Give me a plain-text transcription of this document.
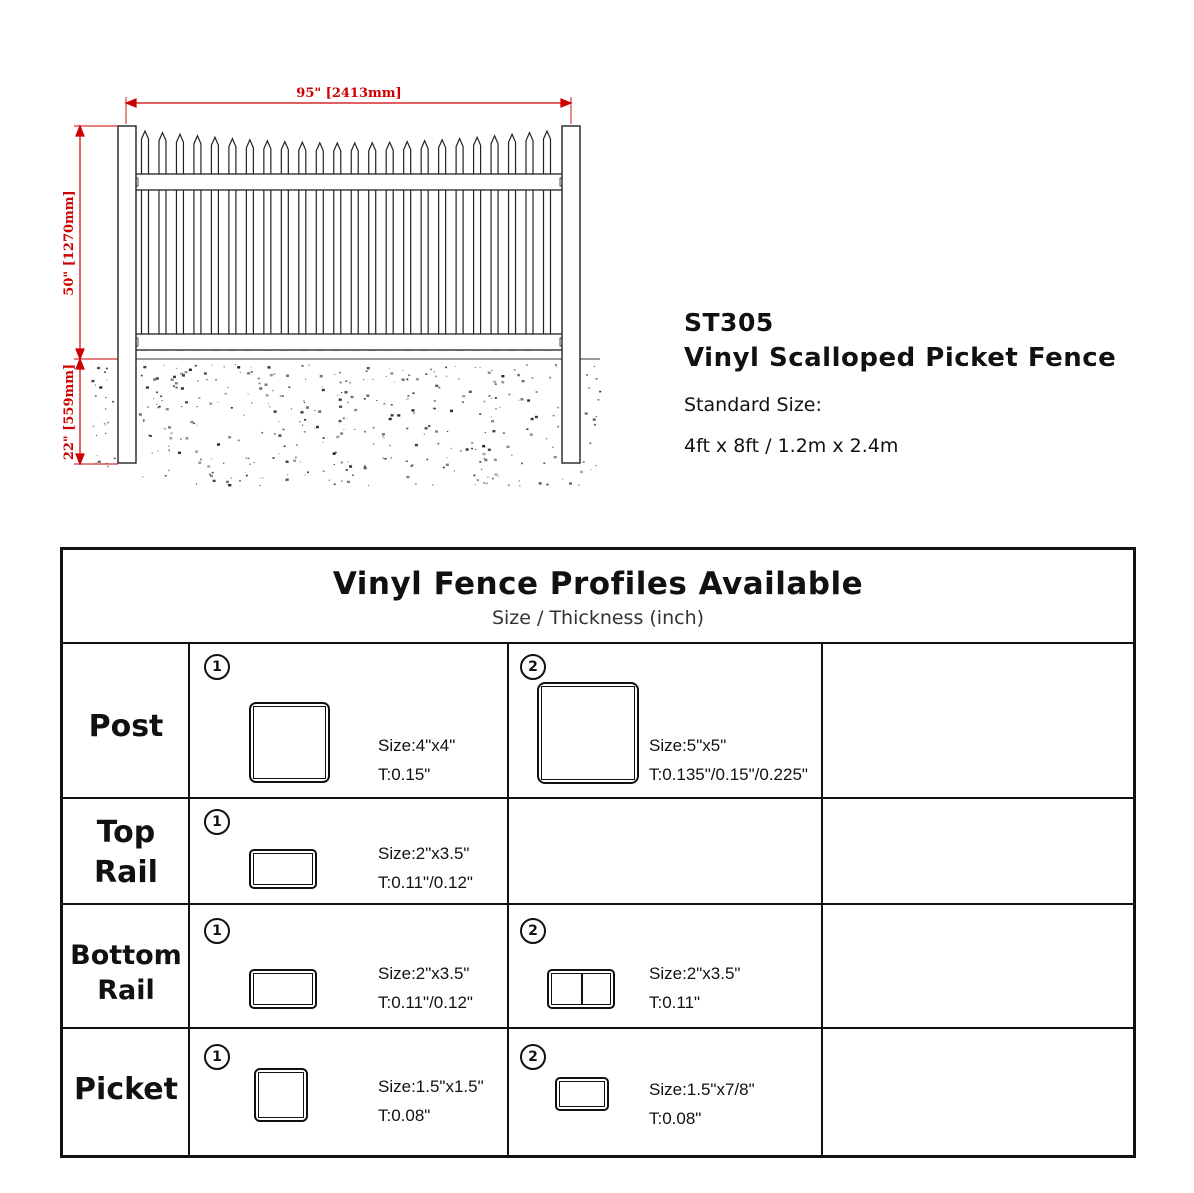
95" [2413mm]
50" [1270mm]
22" [559mm]
ST305
Vinyl Scalloped Picket Fence
Standard Size:
4ft x 8ft / 1.2m x 2.4m
Vinyl Fence Profiles Available
Size / Thickness (inch)
Post
1
Size:4"x4"
T:0.15"
2
Size:5"x5"
T:0.135"/0.15"/0.225"
Top
Rail
1
Size:2"x3.5"
T:0.11"/0.12"
Bottom
Rail
1
Size:2"x3.5"
T:0.11"/0.12"
2
Size:2"x3.5"
T:0.11"
Picket
1
Size:1.5"x1.5"
T:0.08"
2
Size:1.5"x7/8"
T:0.08"
